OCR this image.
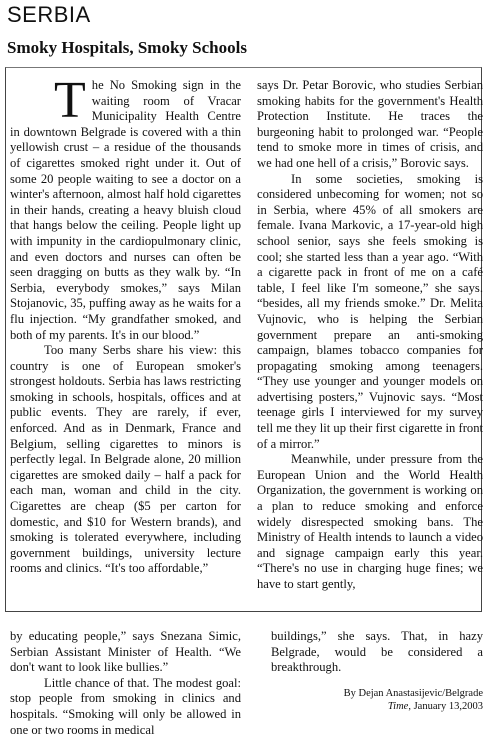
SERBIA
Smoky Hospitals, Smoky Schools

The No Smoking sign in the waiting room of Vracar Municipality Health Centre in downtown Belgrade is covered with a thin yellowish crust – a residue of the thousands of cigarettes smoked right under it. Out of some 20 people waiting to see a doctor on a winter's afternoon, almost half hold cigarettes in their hands, creating a heavy bluish cloud that hangs below the ceiling. People light up with impunity in the cardiopulmonary clinic, and even doctors and nurses can often be seen dragging on butts as they walk by. “In Serbia, everybody smokes,” says Milan Stojanovic, 35, puffing away as he waits for a flu injection. “My grandfather smoked, and both of my parents. It's in our blood.”

Too many Serbs share his view: this country is one of European smoker's strongest holdouts. Serbia has laws restricting smoking in schools, hospitals, offices and at public events. They are rarely, if ever, enforced. And as in Denmark, France and Belgium, selling cigarettes to minors is perfectly legal. In Belgrade alone, 20 million cigarettes are smoked daily – half a pack for each man, woman and child in the city. Cigarettes are cheap ($5 per carton for domestic, and $10 for Western brands), and smoking is tolerated everywhere, including government buildings, university lecture rooms and clinics. “It's too affordable,”

says Dr. Petar Borovic, who studies Serbian smoking habits for the government's Health Protection Institute. He traces the burgeoning habit to prolonged war. “People tend to smoke more in times of crisis, and we had one hell of a crisis,” Borovic says.

In some societies, smoking is considered unbecoming for women; not so in Serbia, where 45% of all smokers are female. Ivana Markovic, a 17-year-old high school senior, says she feels smoking is cool; she started less than a year ago. “With a cigarette pack in front of me on a café table, I feel like I'm someone,” she says. “besides, all my friends smoke.” Dr. Melita Vujnovic, who is helping the Serbian government prepare an anti-smoking campaign, blames tobacco companies for propagating smoking among teenagers. “They use younger and younger models on advertising posters,” Vujnovic says. “Most teenage girls I interviewed for my survey tell me they lit up their first cigarette in front of a mirror.”

Meanwhile, under pressure from the European Union and the World Health Organization, the government is working on a plan to reduce smoking and enforce widely disrespected smoking bans. The Ministry of Health intends to launch a video and signage campaign early this year. “There's no use in charging huge fines; we have to start gently,

by educating people,” says Snezana Simic, Serbian Assistant Minister of Health. “We don't want to look like bullies.”

Little chance of that. The modest goal: stop people from smoking in clinics and hospitals. “Smoking will only be allowed in one or two rooms in medical

buildings,” she says. That, in hazy Belgrade, would be considered a breakthrough.

By Dejan Anastasijevic/Belgrade
Time, January 13,2003
